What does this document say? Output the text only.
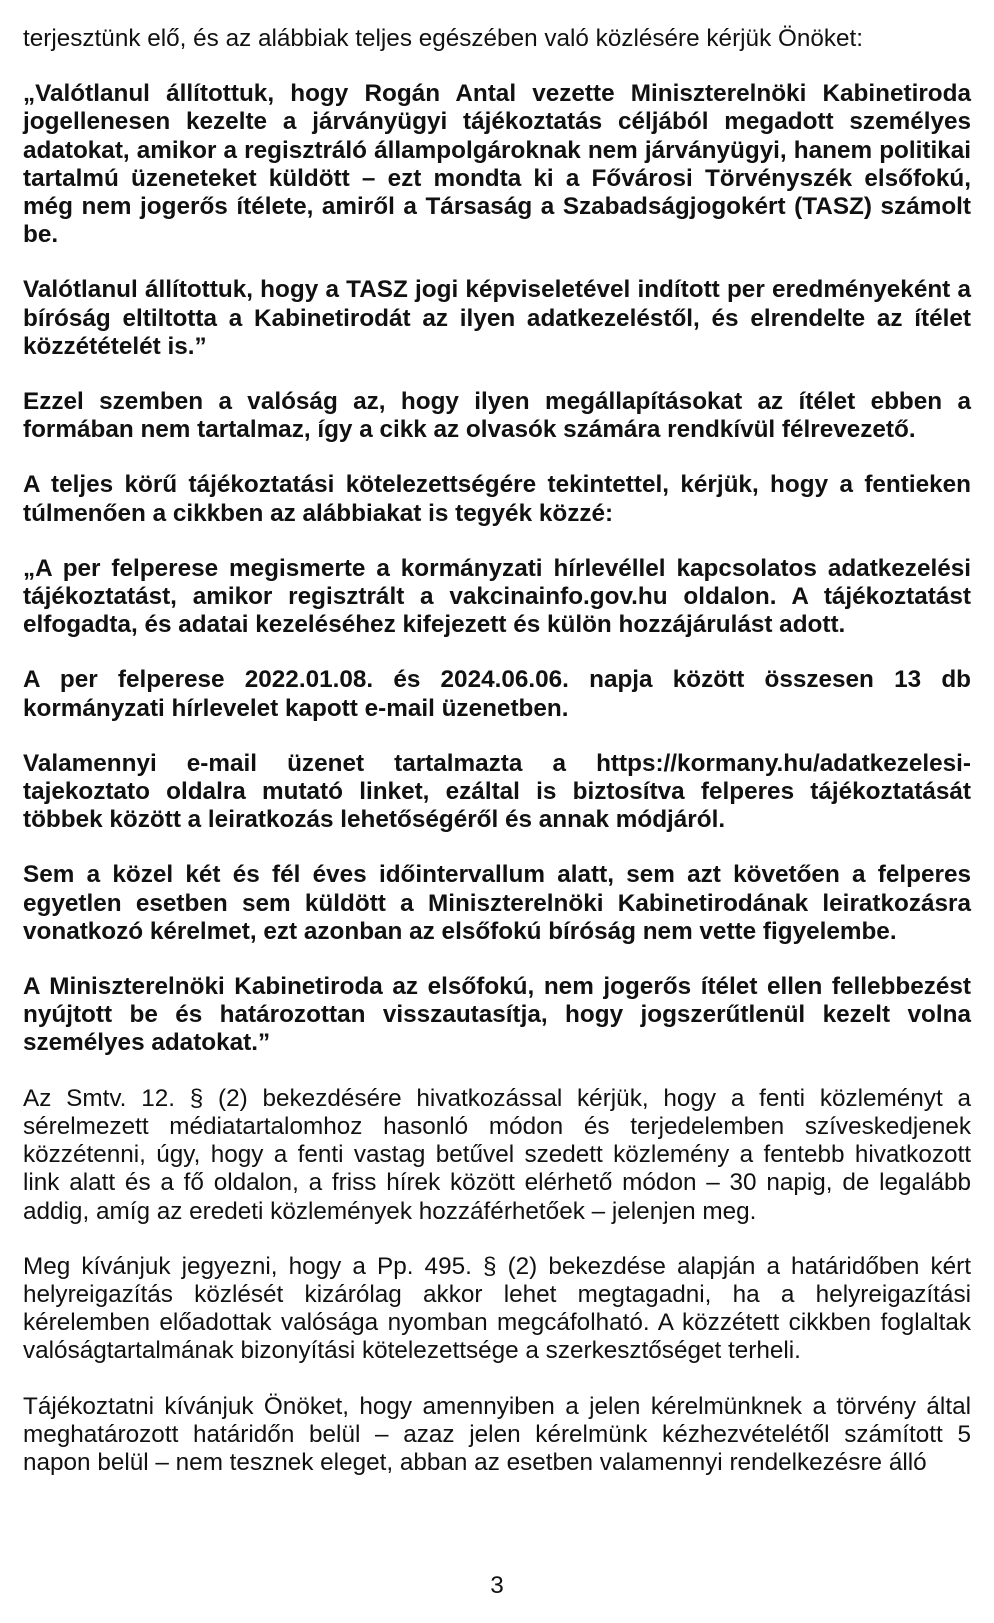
terjesztünk elő, és az alábbiak teljes egészében való közlésére kérjük Önöket:

„Valótlanul állítottuk, hogy Rogán Antal vezette Miniszterelnöki Kabinetiroda jogellenesen kezelte a járványügyi tájékoztatás céljából megadott személyes adatokat, amikor a regisztráló állampolgároknak nem járványügyi, hanem politikai tartalmú üzeneteket küldött – ezt mondta ki a Fővárosi Törvényszék elsőfokú, még nem jogerős ítélete, amiről a Társaság a Szabadságjogokért (TASZ) számolt be.

Valótlanul állítottuk, hogy a TASZ jogi képviseletével indított per eredményeként a bíróság eltiltotta a Kabinetirodát az ilyen adatkezeléstől, és elrendelte az ítélet közzétételét is.”

Ezzel szemben a valóság az, hogy ilyen megállapításokat az ítélet ebben a formában nem tartalmaz, így a cikk az olvasók számára rendkívül félrevezető.

A teljes körű tájékoztatási kötelezettségére tekintettel, kérjük, hogy a fentieken túlmenően a cikkben az alábbiakat is tegyék közzé:

„A per felperese megismerte a kormányzati hírlevéllel kapcsolatos adatkezelési tájékoztatást, amikor regisztrált a vakcinainfo.gov.hu oldalon. A tájékoztatást elfogadta, és adatai kezeléséhez kifejezett és külön hozzájárulást adott.

A per felperese 2022.01.08. és 2024.06.06. napja között összesen 13 db kormányzati hírlevelet kapott e-mail üzenetben.

Valamennyi e-mail üzenet tartalmazta a https://kormany.hu/adatkezelesi-tajekoztato oldalra mutató linket, ezáltal is biztosítva felperes tájékoztatását többek között a leiratkozás lehetőségéről és annak módjáról.

Sem a közel két és fél éves időintervallum alatt, sem azt követően a felperes egyetlen esetben sem küldött a Miniszterelnöki Kabinetirodának leiratkozásra vonatkozó kérelmet, ezt azonban az elsőfokú bíróság nem vette figyelembe.

A Miniszterelnöki Kabinetiroda az elsőfokú, nem jogerős ítélet ellen fellebbezést nyújtott be és határozottan visszautasítja, hogy jogszerűtlenül kezelt volna személyes adatokat.”

Az Smtv. 12. § (2) bekezdésére hivatkozással kérjük, hogy a fenti közleményt a sérelmezett médiatartalomhoz hasonló módon és terjedelemben szíveskedjenek közzétenni, úgy, hogy a fenti vastag betűvel szedett közlemény a fentebb hivatkozott link alatt és a fő oldalon, a friss hírek között elérhető módon – 30 napig, de legalább addig, amíg az eredeti közlemények hozzáférhetőek – jelenjen meg.

Meg kívánjuk jegyezni, hogy a Pp. 495. § (2) bekezdése alapján a határidőben kért helyreigazítás közlését kizárólag akkor lehet megtagadni, ha a helyreigazítási kérelemben előadottak valósága nyomban megcáfolható. A közzétett cikkben foglaltak valóságtartalmának bizonyítási kötelezettsége a szerkesztőséget terheli.

Tájékoztatni kívánjuk Önöket, hogy amennyiben a jelen kérelmünknek a törvény által meghatározott határidőn belül – azaz jelen kérelmünk kézhezvételétől számított 5 napon belül – nem tesznek eleget, abban az esetben valamennyi rendelkezésre álló

3
